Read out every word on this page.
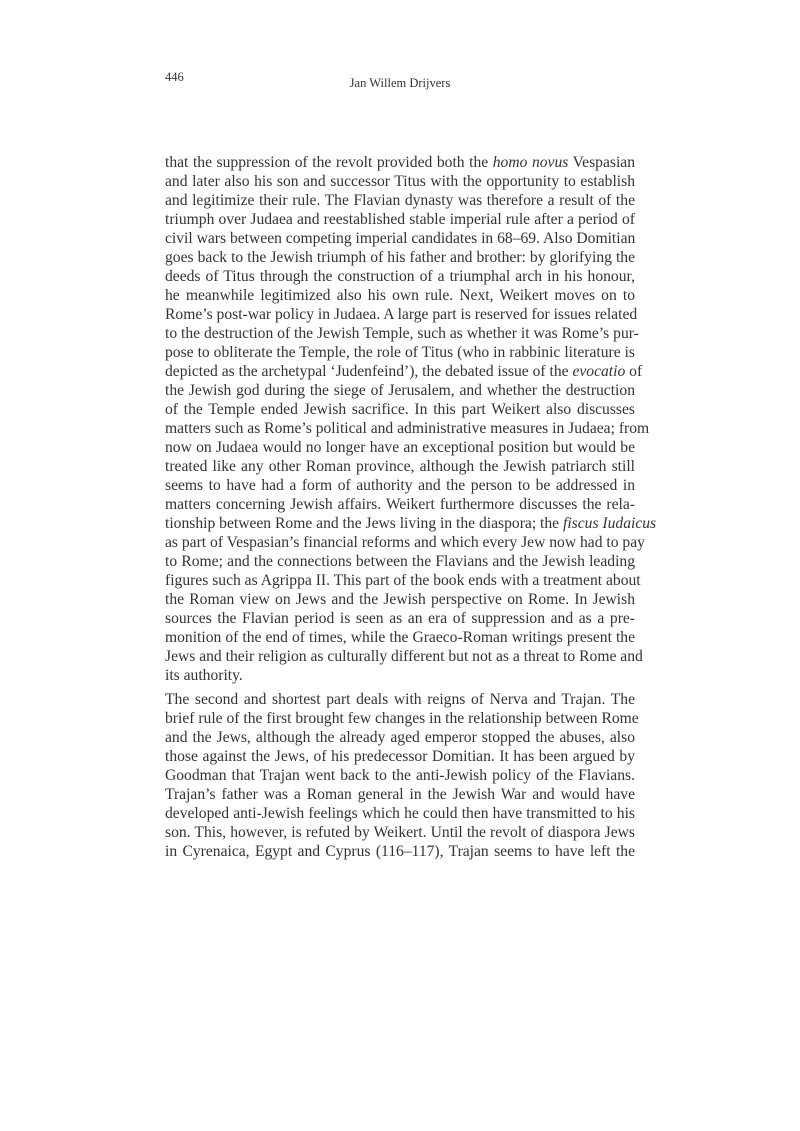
446	Jan Willem Drijvers
that the suppression of the revolt provided both the homo novus Vespasian
and later also his son and successor Titus with the opportunity to establish
and legitimize their rule. The Flavian dynasty was therefore a result of the
triumph over Judaea and reestablished stable imperial rule after a period of
civil wars between competing imperial candidates in 68–69. Also Domitian
goes back to the Jewish triumph of his father and brother: by glorifying the
deeds of Titus through the construction of a triumphal arch in his honour,
he meanwhile legitimized also his own rule. Next, Weikert moves on to
Rome’s post-war policy in Judaea. A large part is reserved for issues related
to the destruction of the Jewish Temple, such as whether it was Rome’s pur-
pose to obliterate the Temple, the role of Titus (who in rabbinic literature is
depicted as the archetypal ‘Judenfeind’), the debated issue of the evocatio of
the Jewish god during the siege of Jerusalem, and whether the destruction
of the Temple ended Jewish sacrifice. In this part Weikert also discusses
matters such as Rome’s political and administrative measures in Judaea; from
now on Judaea would no longer have an exceptional position but would be
treated like any other Roman province, although the Jewish patriarch still
seems to have had a form of authority and the person to be addressed in
matters concerning Jewish affairs. Weikert furthermore discusses the rela-
tionship between Rome and the Jews living in the diaspora; the fiscus Iudaicus
as part of Vespasian’s financial reforms and which every Jew now had to pay
to Rome; and the connections between the Flavians and the Jewish leading
figures such as Agrippa II. This part of the book ends with a treatment about
the Roman view on Jews and the Jewish perspective on Rome. In Jewish
sources the Flavian period is seen as an era of suppression and as a pre-
monition of the end of times, while the Graeco-Roman writings present the
Jews and their religion as culturally different but not as a threat to Rome and
its authority.
The second and shortest part deals with reigns of Nerva and Trajan. The
brief rule of the first brought few changes in the relationship between Rome
and the Jews, although the already aged emperor stopped the abuses, also
those against the Jews, of his predecessor Domitian. It has been argued by
Goodman that Trajan went back to the anti-Jewish policy of the Flavians.
Trajan’s father was a Roman general in the Jewish War and would have
developed anti-Jewish feelings which he could then have transmitted to his
son. This, however, is refuted by Weikert. Until the revolt of diaspora Jews
in Cyrenaica, Egypt and Cyprus (116–117), Trajan seems to have left the
